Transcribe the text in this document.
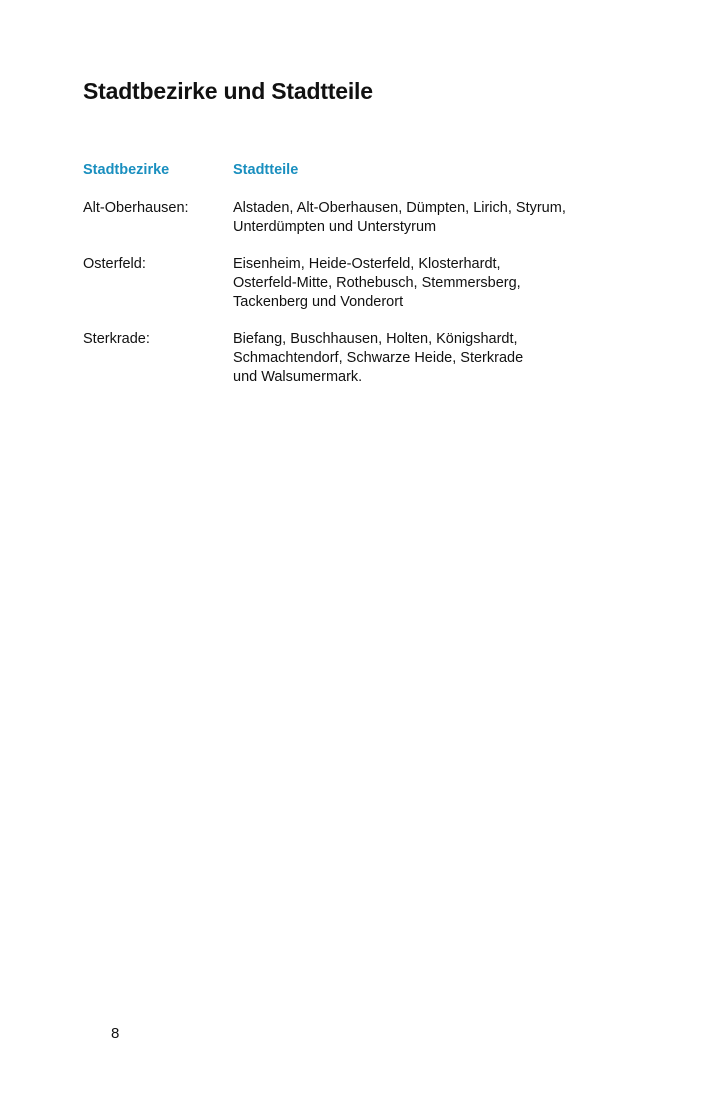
Stadtbezirke und Stadtteile
Stadtbezirke	Stadtteile
Alt-Oberhausen:	Alstaden, Alt-Oberhausen, Dümpten, Lirich, Styrum,
Unterdümpten und Unterstyrum
Osterfeld:	Eisenheim, Heide-Osterfeld, Klosterhardt,
Osterfeld-Mitte, Rothebusch, Stemmersberg,
Tackenberg und Vonderort
Sterkrade:	Biefang, Buschhausen, Holten, Königshardt,
Schmachtendorf, Schwarze Heide, Sterkrade
und Walsumermark.
8
